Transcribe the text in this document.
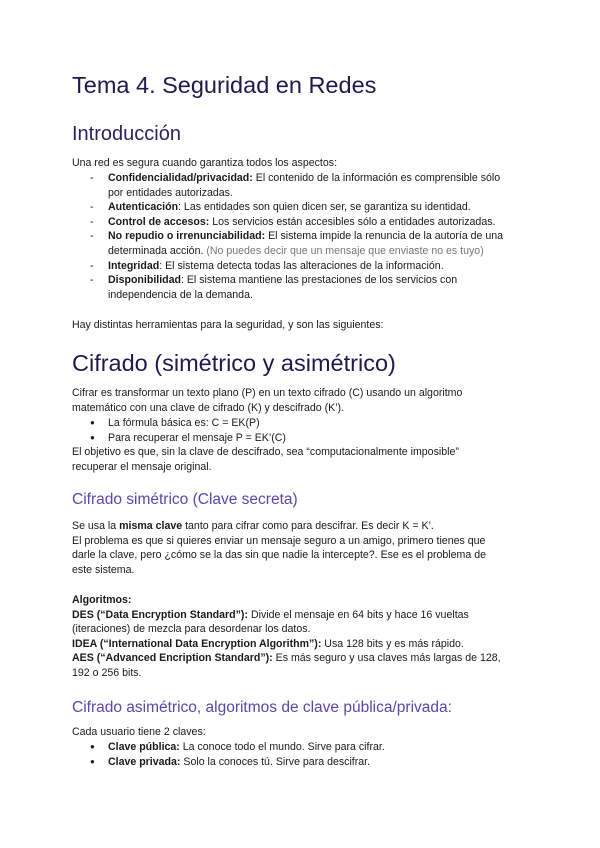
Tema 4. Seguridad en Redes
Introducción
Una red es segura cuando garantiza todos los aspectos:
- Confidencialidad/privacidad: El contenido de la información es comprensible sólo
por entidades autorizadas.
- Autenticación: Las entidades son quien dicen ser, se garantiza su identidad.
- Control de accesos: Los servicios están accesibles sólo a entidades autorizadas.
- No repudio o irrenunciabilidad: El sistema impide la renuncia de la autoría de una
determinada acción. (No puedes decir que un mensaje que enviaste no es tuyo)
- Integridad: El sistema detecta todas las alteraciones de la información.
- Disponibilidad: El sistema mantiene las prestaciones de los servicios con
independencia de la demanda.
Hay distintas herramientas para la seguridad, y son las siguientes:
Cifrado (simétrico y asimétrico)
Cifrar es transformar un texto plano (P) en un texto cifrado (C) usando un algoritmo
matemático con una clave de cifrado (K) y descifrado (K’).
● La fórmula básica es: C = EK(P)
● Para recuperar el mensaje P = EK’(C)
El objetivo es que, sin la clave de descifrado, sea “computacionalmente imposible”
recuperar el mensaje original.
Cifrado simétrico (Clave secreta)
Se usa la misma clave tanto para cifrar como para descifrar. Es decir K = K’.
El problema es que si quieres enviar un mensaje seguro a un amigo, primero tienes que
darle la clave, pero ¿cómo se la das sin que nadie la intercepte?. Ese es el problema de
este sistema.
Algoritmos:
DES (“Data Encryption Standard”): Divide el mensaje en 64 bits y hace 16 vueltas
(iteraciones) de mezcla para desordenar los datos.
IDEA (“International Data Encryption Algorithm”): Usa 128 bits y es más rápido.
AES (“Advanced Encription Standard”): Es más seguro y usa claves más largas de 128,
192 o 256 bits.
Cifrado asimétrico, algoritmos de clave pública/privada:
Cada usuario tiene 2 claves:
● Clave pública: La conoce todo el mundo. Sirve para cifrar.
● Clave privada: Solo la conoces tú. Sirve para descifrar.
